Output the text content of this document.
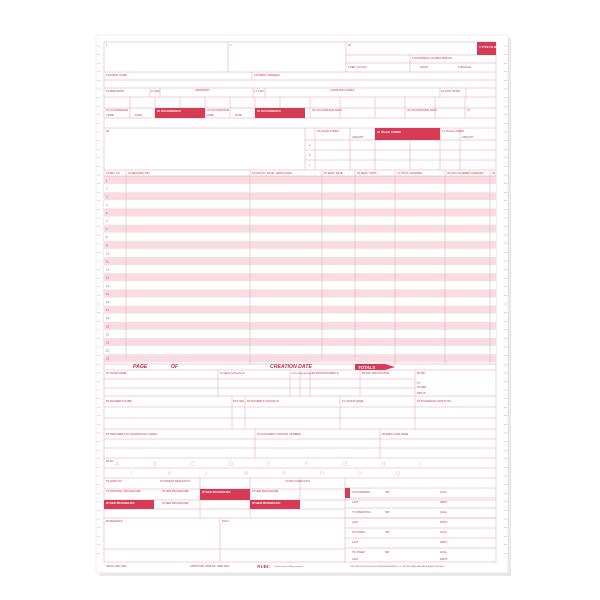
1	2	3a	4 TYPE OF BILL
5 FED. TAX NO.
6 STATEMENT COVERS PERIOD
FROM	THROUGH
8 PATIENT NAME	9 PATIENT ADDRESS
10 BIRTHDATE	11 SEX	ADMISSION	17 STAT	CONDITION CODES	29 ACDT STATE
31 OCCURRENCE	32 OCCURRENCE	33 OCCURRENCE	34 OCCURRENCE	35 OCCURRENCE SPAN	36 OCCURRENCE SPAN	37
CODE	DATE	CODE	DATE
38	39 VALUE CODES	40 VALUE CODES	41 VALUE CODES
AMOUNT	AMOUNT
a
b
c
1
2
3
4
5
6
7
8
9
10
11
12
13
14
15
16
17
18
19
20
21
22
23
42 REV. CD.	43 DESCRIPTION	44 HCPCS / RATE / HIPPS CODE	45 SERV. DATE	46 SERV. UNITS	47 TOTAL CHARGES	48 NON-COVERED CHARGES	49
PAGE	OF	CREATION DATE	TOTALS
50 PAYER NAME	51 HEALTH PLAN ID	52 REL INFO
53 ASG BEN 54 PRIOR PAYMENTS	55 EST. AMOUNT DUE	56 NPI
57
OTHER
PRV ID
58 INSURED'S NAME	59 P. REL 60 INSURED'S UNIQUE ID	61 GROUP NAME	62 INSURANCE GROUP NO.
63 TREATMENT AUTHORIZATION CODES	64 DOCUMENT CONTROL NUMBER	65 EMPLOYER NAME
A	B	C	D	E	F	G	H	I
J	K	L	M	N	O	P	Q
66 DX
69 ADMIT DX	70 PATIENT REASON DX	71 PPS CODE 72 ECI
74 PRINCIPAL PROCEDURE	OTHER PROCEDURE	OTHER PROCEDURE	OTHER PROCEDURE
OTHER PROCEDURE	OTHER PROCEDURE	OTHER PROCEDURE
80 REMARKS	81CC
76 ATTENDING
77 OPERATING
78 OTHER
79 OTHER
NPI	QUAL
LAST	FIRST
NPI	QUAL
LAST	FIRST
NPI	QUAL
LAST	FIRST
NPI	QUAL
LAST	FIRST
UB-04 CMS-1450	APPROVED OMB NO. 0938-0997	NUBC	National Uniform Billing Committee	THE CERTIFICATIONS ON THE REVERSE APPLY TO THIS BILL AND ARE MADE A PART HEREOF.
